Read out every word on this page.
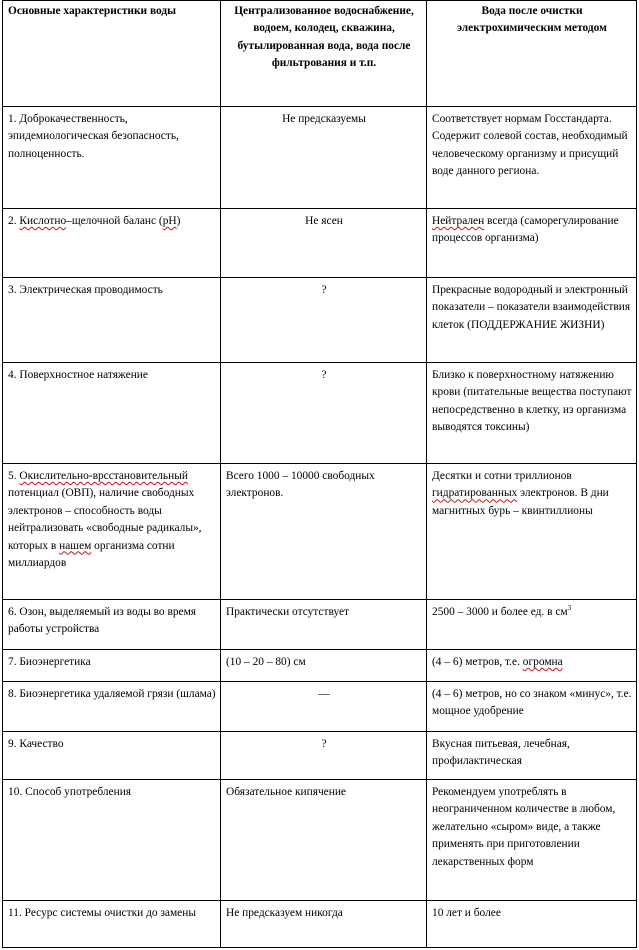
Основные характеристики воды	Централизованное водоснабжение, водоем, колодец, скважина, бутылированная вода, вода после фильтрования и т.п.	Вода после очистки электрохимическим методом
1. Доброкачественность, эпидемиологическая безопасность, полноценность.	Не предсказуемы	Соответствует нормам Госстандарта. Содержит солевой состав, необходимый человеческому организму и присущий воде данного региона.
2. Кислотно–щелочной баланс (рН)	Не ясен	Нейтрален всегда (саморегулирование процессов организма)
3. Электрическая проводимость	?	Прекрасные водородный и электронный показатели – показатели взаимодействия клеток (ПОДДЕРЖАНИЕ ЖИЗНИ)
4. Поверхностное натяжение	?	Близко к поверхностному натяжению крови (питательные вещества поступают непосредственно в клетку, из организма выводятся токсины)
5. Окислительно-врсстановительный потенциал (ОВП), наличие свободных электронов – способность воды нейтрализовать «свободные радикалы», которых в нашем организма сотни миллиардов	Всего 1000 – 10000 свободных электронов.	Десятки и сотни триллионов гидратированных электронов. В дни магнитных бурь – квинтиллионы
6. Озон, выделяемый из воды во время работы устройства	Практически отсутствует	2500 – 3000 и более ед. в $см^3$
7. Биоэнергетика	(10 – 20 – 80) см	(4 – 6) метров, т.е. огромна
8. Биоэнергетика удаляемой грязи (шлама)	—	(4 – 6) метров, но со знаком «минус», т.е. мощное удобрение
9. Качество	?	Вкусная питьевая, лечебная, профилактическая
10. Способ употребления	Обязательное кипячение	Рекомендуем употреблять в неограниченном количестве в любом, желательно «сыром» виде, а также применять при приготовлении лекарственных форм
11. Ресурс системы очистки до замены	Не предсказуем никогда	10 лет и более
